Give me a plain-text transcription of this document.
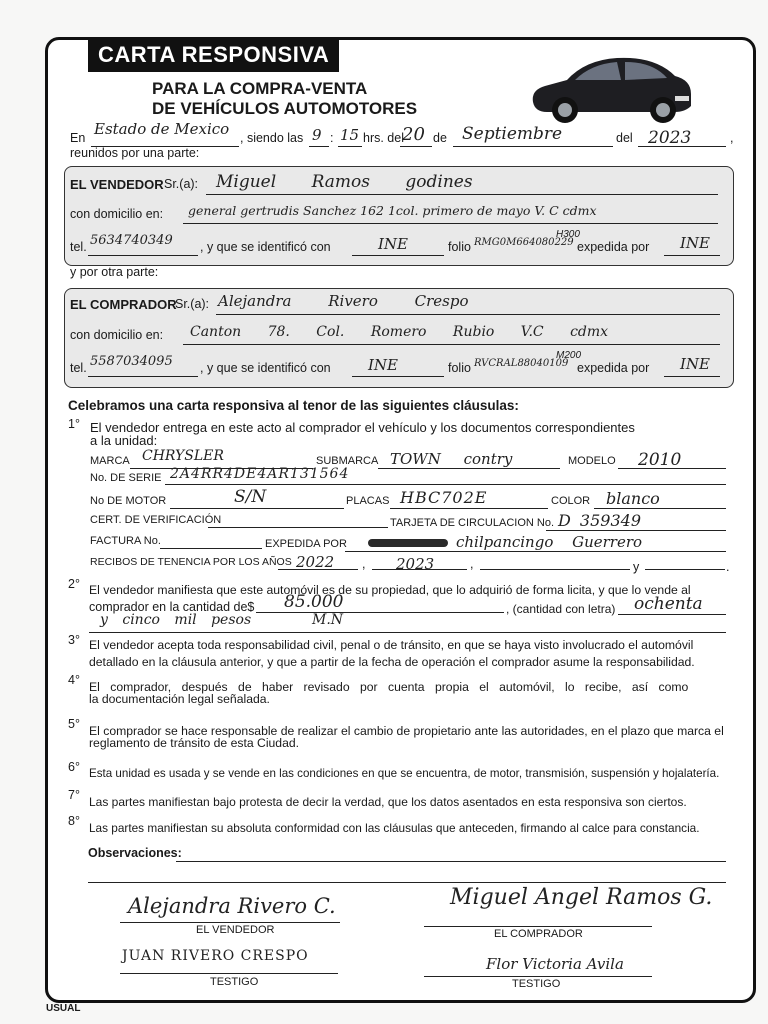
CARTA RESPONSIVA
PARA LA COMPRA-VENTA
DE VEHÍCULOS AUTOMOTORES
En Estado de Mexico , siendo las 9 : 15 hrs. del
20 de Septiembre	del 2023	,
reunidos por una parte:
EL VENDEDOR Sr.(a): Miguel Ramos godines
con domicilio en: general gertrudis Sanchez 162 1col. primero de mayo V. C cdmx
tel. 5634740349 , y que se identificó con	INE	folio RMG0M664080229
H300
expedida por INE
y por otra parte:
EL COMPRADOR
Sr.(a): Alejandra Rivero Crespo
con domicilio en: Canton 78. Col. Romero Rubio V.C cdmx
tel. 5587034095 , y que se identificó con INE	folio RVCRAL88040109
M200
expedida por INE
Celebramos una carta responsiva al tenor de las siguientes cláusulas:
1° El vendedor entrega en este acto al comprador el vehículo y los documentos correspondientes
a la unidad:
MARCA CHRYSLER	SUBMARCA TOWN contry	MODELO 2010
No. DE SERIE 2A4RR4DE4AR131564
No DE MOTOR	S/N	PLACAS HBC702E	COLOR blanco
CERT. DE VERIFICACIÓN	TARJETA DE CIRCULACION No. D 359349
FACTURA No.	EXPEDIDA POR	chilpancingo Guerrero
RECIBOS DE TENENCIA POR LOS AÑOS 2022 , 2023	,	y	.
2° El vendedor manifiesta que este automóvil es de su propiedad, que lo adquirió de forma licita, y que lo vende al
comprador en la cantidad de$ 85.000	, (cantidad con letra) ochenta
y cinco mil pesos	M.N
3° El vendedor acepta toda responsabilidad civil, penal o de tránsito, en que se haya visto involucrado el automóvil
detallado en la cláusula anterior, y que a partir de la fecha de operación el comprador asume la responsabilidad.
4° El comprador, después de haber revisado por cuenta propia el automóvil, lo recibe, así como
la documentación legal señalada.
5° El comprador se hace responsable de realizar el cambio de propietario ante las autoridades, en el plazo que marca el
reglamento de tránsito de esta Ciudad.
6° Esta unidad es usada y se vende en las condiciones en que se encuentra, de motor, transmisión, suspensión y hojalatería.
7° Las partes manifiestan bajo protesta de decir la verdad, que los datos asentados en esta responsiva son ciertos.
8° Las partes manifiestan su absoluta conformidad con las cláusulas que anteceden, firmando al calce para constancia.
Observaciones:
Alejandra Rivero C.
EL VENDEDOR
Miguel Angel Ramos G.
EL COMPRADOR
JUAN RIVERO CRESPO
TESTIGO
Flor Victoria Avila
TESTIGO
USUAL
